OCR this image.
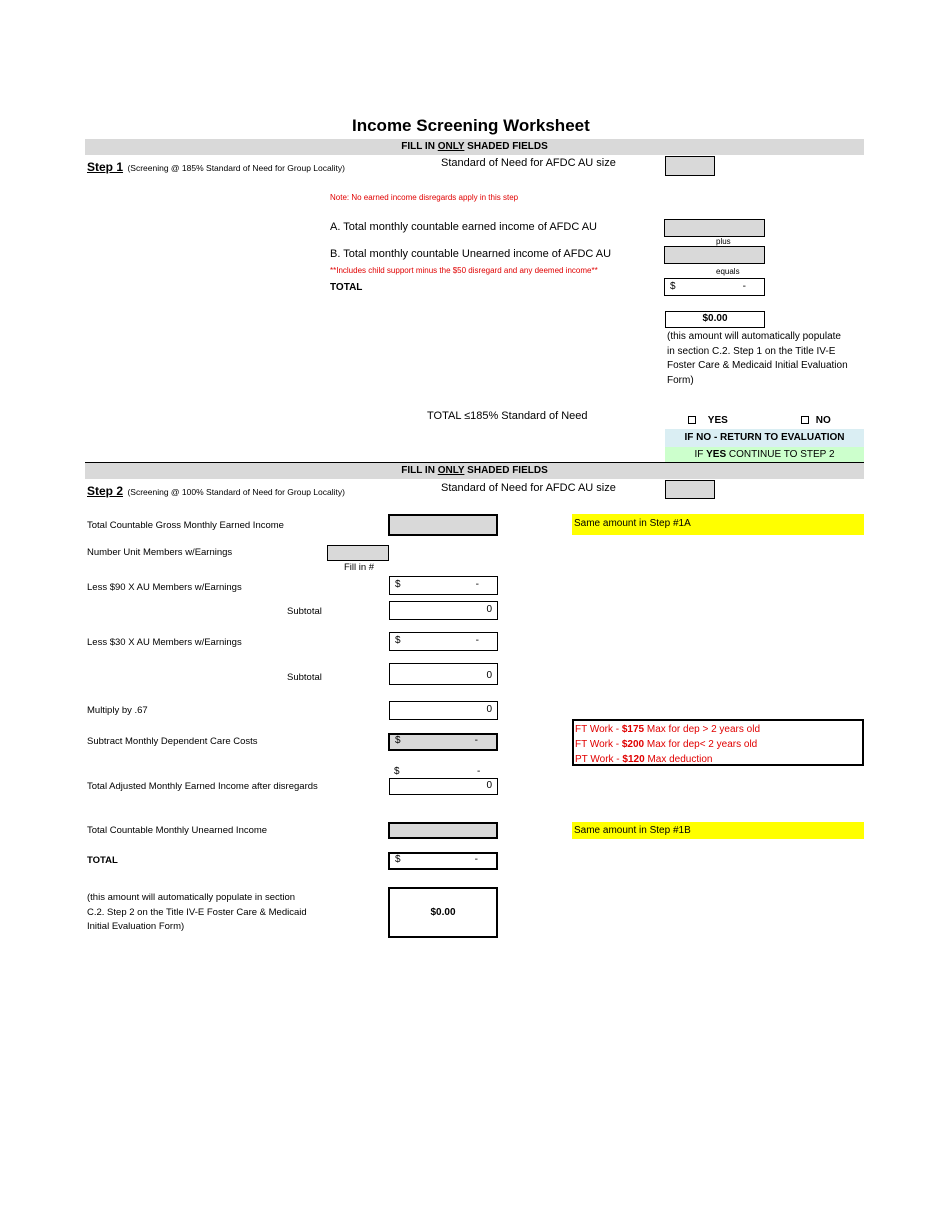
Income Screening Worksheet
FILL IN ONLY SHADED FIELDS
Step 1 (Screening @ 185% Standard of Need for Group Locality)	Standard of Need for AFDC AU size
Note: No earned income disregards apply in this step
A. Total monthly countable earned income of AFDC AU
plus
B. Total monthly countable Unearned income of AFDC AU
**Includes child support minus the $50 disregard and any deemed income**	equals
TOTAL	$	-
$0.00
(this amount will automatically populate
in section C.2. Step 1 on the Title IV-E
Foster Care & Medicaid Initial Evaluation
Form)
TOTAL ≤185% Standard of Need	YES	NO
IF NO - RETURN TO EVALUATION
IF YES CONTINUE TO STEP 2
FILL IN ONLY SHADED FIELDS
Step 2 (Screening @ 100% Standard of Need for Group Locality)	Standard of Need for AFDC AU size
Total Countable Gross Monthly Earned Income	Same amount in Step #1A
Number Unit Members w/Earnings
Fill in #
Less $90 X AU Members w/Earnings	$	-
Subtotal	0
Less $30 X AU Members w/Earnings	$	-
Subtotal	0
Multiply by .67	0
Subtract Monthly Dependent Care Costs	$	-
FT Work - $175 Max for dep > 2 years old
FT Work - $200 Max for dep< 2 years old
PT Work - $120 Max deduction
$	-
Total Adjusted Monthly Earned Income after disregards	0
Total Countable Monthly Unearned Income	Same amount in Step #1B
TOTAL	$	-
(this amount will automatically populate in section
C.2. Step 2 on the Title IV-E Foster Care & Medicaid
Initial Evaluation Form)
$0.00
